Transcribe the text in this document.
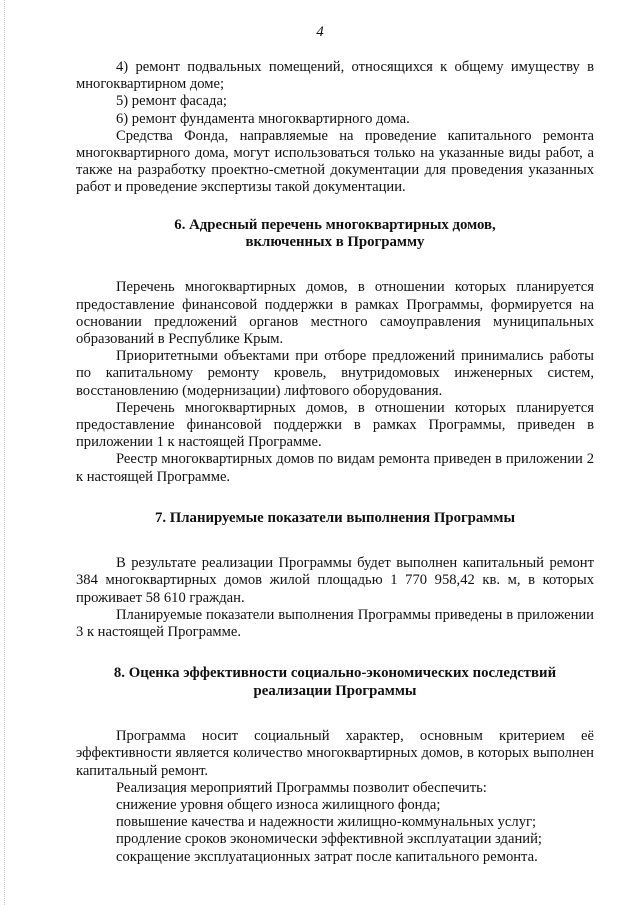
4

4) ремонт подвальных помещений, относящихся к общему имуществу в многоквартирном доме;

5) ремонт фасада;

6) ремонт фундамента многоквартирного дома.

Средства Фонда, направляемые на проведение капитального ремонта многоквартирного дома, могут использоваться только на указанные виды работ, а также на разработку проектно-сметной документации для проведения указанных работ и проведение экспертизы такой документации.

6. Адресный перечень многоквартирных домов,
включенных в Программу

Перечень многоквартирных домов, в отношении которых планируется предоставление финансовой поддержки в рамках Программы, формируется на основании предложений органов местного самоуправления муниципальных образований в Республике Крым.

Приоритетными объектами при отборе предложений принимались работы по капитальному ремонту кровель, внутридомовых инженерных систем, восстановлению (модернизации) лифтового оборудования.

Перечень многоквартирных домов, в отношении которых планируется предоставление финансовой поддержки в рамках Программы, приведен в приложении 1 к настоящей Программе.

Реестр многоквартирных домов по видам ремонта приведен в приложении 2 к настоящей Программе.

7. Планируемые показатели выполнения Программы

В результате реализации Программы будет выполнен капитальный ремонт 384 многоквартирных домов жилой площадью 1 770 958,42 кв. м, в которых проживает 58 610 граждан.

Планируемые показатели выполнения Программы приведены в приложении 3 к настоящей Программе.

8. Оценка эффективности социально-экономических последствий
реализации Программы

Программа носит социальный характер, основным критерием её эффективности является количество многоквартирных домов, в которых выполнен капитальный ремонт.

Реализация мероприятий Программы позволит обеспечить:

снижение уровня общего износа жилищного фонда;

повышение качества и надежности жилищно-коммунальных услуг;

продление сроков экономически эффективной эксплуатации зданий;

сокращение эксплуатационных затрат после капитального ремонта.
